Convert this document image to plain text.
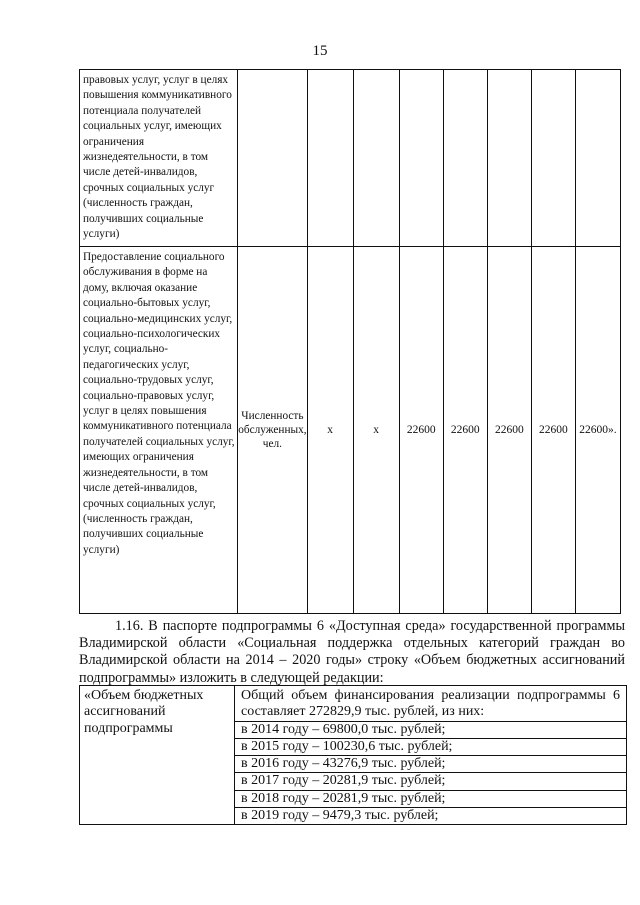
15
правовых услуг, услуг в целях повышения коммуникативного потенциала получателей социальных услуг, имеющих ограничения жизнедеятельности, в том числе детей-инвалидов, срочных социальных услуг (численность граждан, получивших социальные услуги)								
Предоставление социального обслуживания в форме на дому, включая оказание социально-бытовых услуг, социально-медицинских услуг, социально-психологических услуг, социально-педагогических услуг, социально-трудовых услуг, социально-правовых услуг, услуг в целях повышения коммуникативного потенциала получателей социальных услуг, имеющих ограничения жизнедеятельности, в том числе детей-инвалидов, срочных социальных услуг, (численность граждан, получивших социальные услуги)	Численность обслуженных, чел.	х	х	22600	22600	22600	22600	22600».

1.16. В паспорте подпрограммы 6 «Доступная среда» государственной программы Владимирской области «Социальная поддержка отдельных категорий граждан во Владимирской области на 2014 – 2020 годы» строку «Объем бюджетных ассигнований подпрограммы» изложить в следующей редакции:

«Объем бюджетных ассигнований подпрограммы	
Общий объем финансирования реализации подпрограммы 6 составляет 272829,9 тыс. рублей, из них:
в 2014 году – 69800,0 тыс. рублей;
в 2015 году – 100230,6 тыс. рублей;
в 2016 году – 43276,9 тыс. рублей;
в 2017 году – 20281,9 тыс. рублей;
в 2018 году – 20281,9 тыс. рублей;
в 2019 году – 9479,3 тыс. рублей;
